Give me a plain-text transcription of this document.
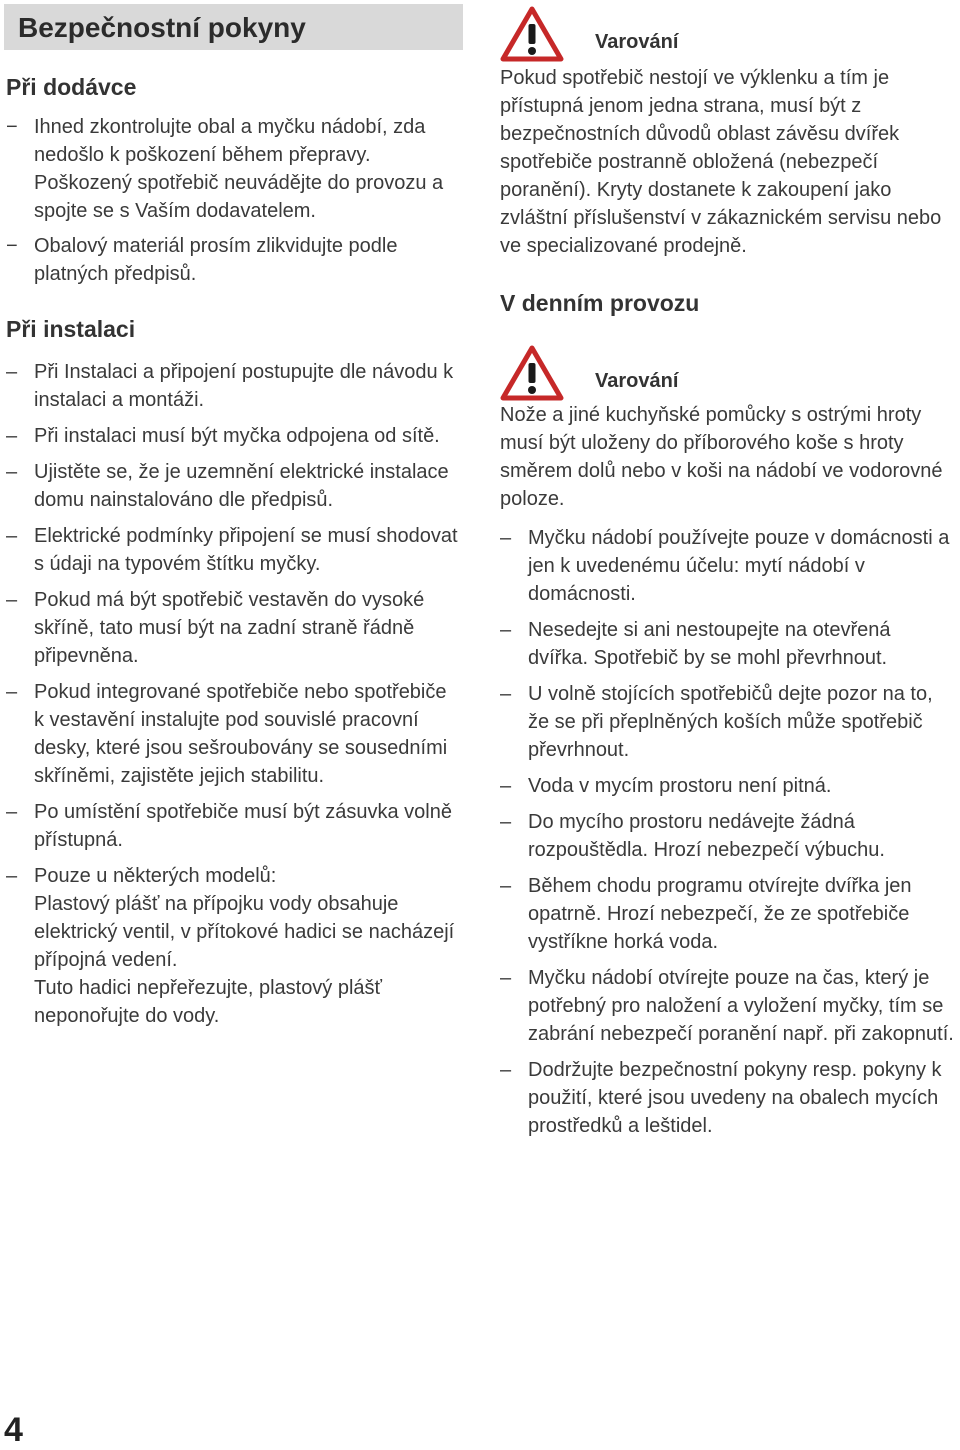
Bezpečnostní pokyny
Při dodávce
− Ihned zkontrolujte obal a myčku nádobí, zda nedošlo k poškození během přepravy. Poškozený spotřebič neuvádějte do provozu a spojte se s Vaším dodavatelem.
− Obalový materiál prosím zlikvidujte podle platných předpisů.
Při instalaci
– Při Instalaci a připojení postupujte dle návodu k instalaci a montáži.
– Při instalaci musí být myčka odpojena od sítě.
– Ujistěte se, že je uzemnění elektrické instalace domu nainstalováno dle předpisů.
– Elektrické podmínky připojení se musí shodovat s údaji na typovém štítku myčky.
– Pokud má být spotřebič vestavěn do vysoké skříně, tato musí být na zadní straně řádně připevněna.
– Pokud integrované spotřebiče nebo spotřebiče k vestavění instalujte pod souvislé pracovní desky, které jsou sešroubovány se sousedními skříněmi, zajistěte jejich stabilitu.
– Po umístění spotřebiče musí být zásuvka volně přístupná.
– Pouze u některých modelů:
Plastový plášť na přípojku vody obsahuje elektrický ventil, v přítokové hadici se nacházejí přípojná vedení.
Tuto hadici nepřeřezujte, plastový plášť neponořujte do vody.
Varování

Pokud spotřebič nestojí ve výklenku a tím je přístupná jenom jedna strana, musí být z bezpečnostních důvodů oblast závěsu dvířek spotřebiče postranně obložená (nebezpečí poranění). Kryty dostanete k zakoupení jako zvláštní příslušenství v zákaznickém servisu nebo ve specializované prodejně.

V denním provozu
Varování

Nože a jiné kuchyňské pomůcky s ostrými hroty musí být uloženy do příborového koše s hroty směrem dolů nebo v koši na nádobí ve vodorovné poloze.

– Myčku nádobí používejte pouze v domácnosti a jen k uvedenému účelu: mytí nádobí v domácnosti.
– Nesedejte si ani nestoupejte na otevřená dvířka. Spotřebič by se mohl převrhnout.
– U volně stojících spotřebičů dejte pozor na to, že se při přeplněných koších může spotřebič převrhnout.
– Voda v mycím prostoru není pitná.
– Do mycího prostoru nedávejte žádná rozpouštědla. Hrozí nebezpečí výbuchu.
– Během chodu programu otvírejte dvířka jen opatrně. Hrozí nebezpečí, že ze spotřebiče vystříkne horká voda.
– Myčku nádobí otvírejte pouze na čas, který je potřebný pro naložení a vyložení myčky, tím se zabrání nebezpečí poranění např. při zakopnutí.
– Dodržujte bezpečnostní pokyny resp. pokyny k použití, které jsou uvedeny na obalech mycích prostředků a leštidel.
4
